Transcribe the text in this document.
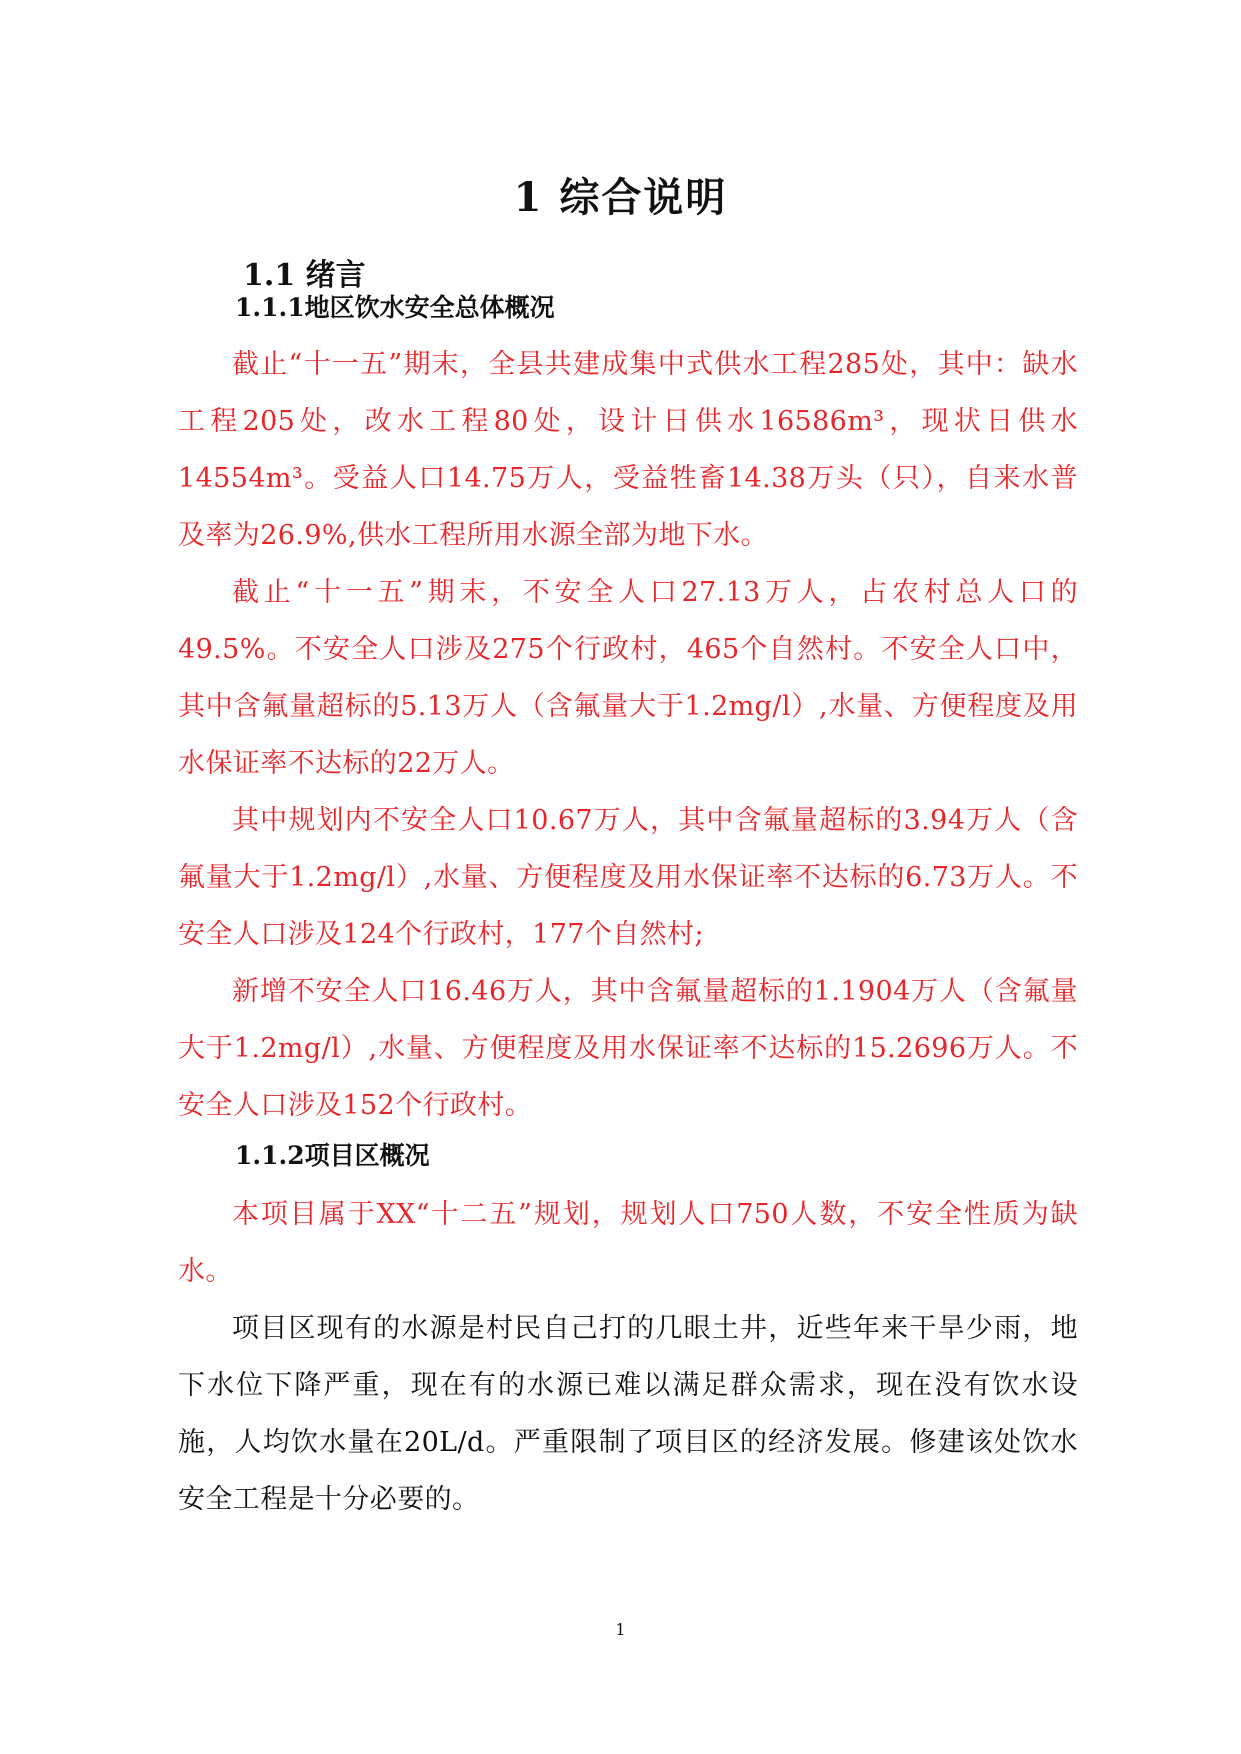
1 综合说明
1.1 绪言
1.1.1地区饮水安全总体概况

截止“十一五”期末，全县共建成集中式供水工程285处，其中：缺水工程205处，改水工程80处，设计日供水16586m³，现状日供水14554m³。受益人口14.75万人，受益牲畜14.38万头（只），自来水普及率为26.9%,供水工程所用水源全部为地下水。

截止“十一五”期末，不安全人口27.13万人，占农村总人口的49.5%。不安全人口涉及275个行政村，465个自然村。不安全人口中，其中含氟量超标的5.13万人（含氟量大于1.2mg/l）,水量、方便程度及用水保证率不达标的22万人。

其中规划内不安全人口10.67万人，其中含氟量超标的3.94万人（含氟量大于1.2mg/l）,水量、方便程度及用水保证率不达标的6.73万人。不安全人口涉及124个行政村，177个自然村;

新增不安全人口16.46万人，其中含氟量超标的1.1904万人（含氟量大于1.2mg/l）,水量、方便程度及用水保证率不达标的15.2696万人。不安全人口涉及152个行政村。

1.1.2项目区概况

本项目属于XX“十二五”规划，规划人口750人数，不安全性质为缺水。

项目区现有的水源是村民自己打的几眼土井，近些年来干旱少雨，地下水位下降严重，现在有的水源已难以满足群众需求，现在没有饮水设施，人均饮水量在20L/d。严重限制了项目区的经济发展。修建该处饮水安全工程是十分必要的。

1
